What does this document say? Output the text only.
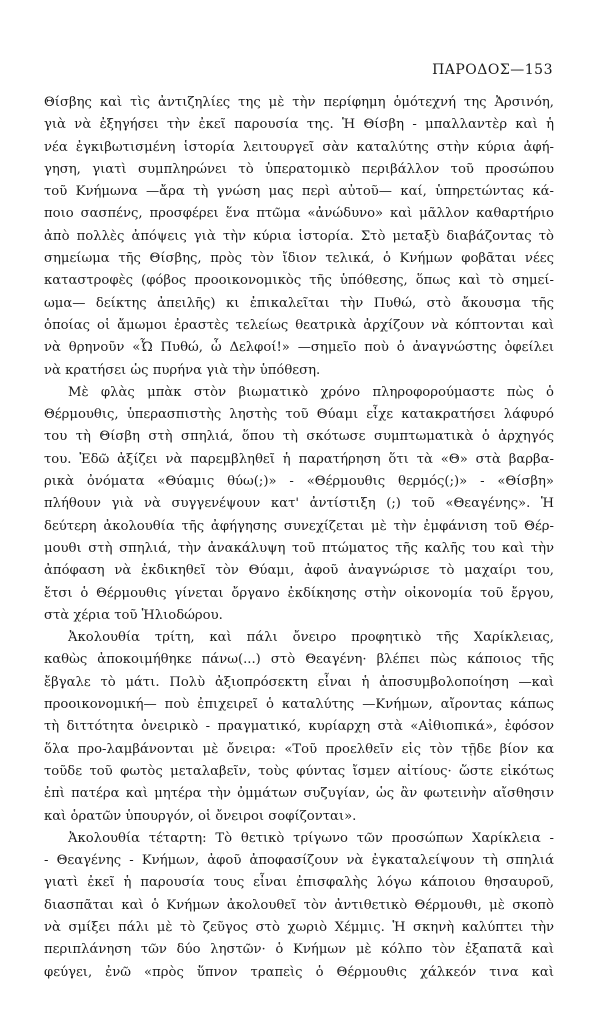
ΠΑΡΟΔΟΣ—153
Θίσβης καὶ τὶς ἀντιζηλίες της μὲ τὴν περίφημη ὁμότεχνή της Ἀρσινόη,
γιὰ νὰ ἐξηγήσει τὴν ἐκεῖ παρουσία της. Ἡ Θίσβη - μπαλλαντὲρ καὶ ἡ
νέα ἐγκιβωτισμένη ἱστορία λειτουργεῖ σὰν καταλύτης στὴν κύρια ἀφή-
γηση, γιατὶ συμπληρώνει τὸ ὑπερατομικὸ περιβάλλον τοῦ προσώπου
τοῦ Κνήμωνα —ἄρα τὴ γνώση μας περὶ αὐτοῦ— καί, ὑπηρετώντας κά-
ποιο σασπένς, προσφέρει ἕνα πτῶμα «ἀνώδυνο» καὶ μᾶλλον καθαρτήριο
ἀπὸ πολλὲς ἀπόψεις γιὰ τὴν κύρια ἱστορία. Στὸ μεταξὺ διαβάζοντας τὸ
σημείωμα τῆς Θίσβης, πρὸς τὸν ἴδιον τελικά, ὁ Κνήμων φοβᾶται νέες
καταστροφὲς (φόβος προοικονομικὸς τῆς ὑπόθεσης, ὅπως καὶ τὸ σημεί-
ωμα— δείκτης ἀπειλῆς) κι ἐπικαλεῖται τὴν Πυθώ, στὸ ἄκουσμα τῆς
ὁποίας οἱ ἄμωμοι ἐραστὲς τελείως θεατρικὰ ἀρχίζουν νὰ κόπτονται καὶ
νὰ θρηνοῦν «Ὦ Πυθώ, ὦ Δελφοί!» —σημεῖο ποὺ ὁ ἀναγνώστης ὀφείλει
νὰ κρατήσει ὡς πυρήνα γιὰ τὴν ὑπόθεση.
Μὲ φλὰς μπὰκ στὸν βιωματικὸ χρόνο πληροφορούμαστε πὼς ὁ
Θέρμουθις, ὑπερασπιστὴς ληστὴς τοῦ Θύαμι εἶχε κατακρατήσει λάφυρό
του τὴ Θίσβη στὴ σπηλιά, ὅπου τὴ σκότωσε συμπτωματικὰ ὁ ἀρχηγός
του. Ἐδῶ ἀξίζει νὰ παρεμβληθεῖ ἡ παρατήρηση ὅτι τὰ «Θ» στὰ βαρβα-
ρικὰ ὀνόματα «Θύαμις θύω(;)» - «Θέρμουθις θερμός(;)» - «Θίσβη»
πλήθουν γιὰ νὰ συγγενέψουν κατ' ἀντίστιξη (;) τοῦ «Θεαγένης». Ἡ
δεύτερη ἀκολουθία τῆς ἀφήγησης συνεχίζεται μὲ τὴν ἐμφάνιση τοῦ Θέρ-
μουθι στὴ σπηλιά, τὴν ἀνακάλυψη τοῦ πτώματος τῆς καλῆς του καὶ τὴν
ἀπόφαση νὰ ἐκδικηθεῖ τὸν Θύαμι, ἀφοῦ ἀναγνώρισε τὸ μαχαίρι του,
ἔτσι ὁ Θέρμουθις γίνεται ὄργανο ἐκδίκησης στὴν οἰκονομία τοῦ ἔργου,
στὰ χέρια τοῦ Ἡλιοδώρου.
Ἀκολουθία τρίτη, καὶ πάλι ὄνειρο προφητικὸ τῆς Χαρίκλειας,
καθὼς ἀποκοιμήθηκε πάνω(...) στὸ Θεαγένη· βλέπει πὼς κάποιος τῆς
ἔβγαλε τὸ μάτι. Πολὺ ἀξιοπρόσεκτη εἶναι ἡ ἀποσυμβολοποίηση —καὶ
προοικονομική— ποὺ ἐπιχειρεῖ ὁ καταλύτης —Κνήμων, αἴροντας κάπως
τὴ διττότητα ὀνειρικὸ - πραγματικό, κυρίαρχη στὰ «Αἰθιοπικά», ἐφόσον
ὅλα προ-λαμβάνονται μὲ ὄνειρα: «Τοῦ προελθεῖν εἰς τὸν τῇδε βίον κα
τοῦδε τοῦ φωτὸς μεταλαβεῖν, τοὺς φύντας ἴσμεν αἰτίους· ὥστε εἰκότως
ἐπὶ πατέρα καὶ μητέρα τὴν ὀμμάτων συζυγίαν, ὡς ἂν φωτεινὴν αἴσθησιν
καὶ ὁρατῶν ὑπουργόν, οἱ ὄνειροι σοφίζονται».
Ἀκολουθία τέταρτη: Τὸ θετικὸ τρίγωνο τῶν προσώπων Χαρίκλεια -
- Θεαγένης - Κνήμων, ἀφοῦ ἀποφασίζουν νὰ ἐγκαταλείψουν τὴ σπηλιά
γιατὶ ἐκεῖ ἡ παρουσία τους εἶναι ἐπισφαλὴς λόγω κάποιου θησαυροῦ,
διασπᾶται καὶ ὁ Κνήμων ἀκολουθεῖ τὸν ἀντιθετικὸ Θέρμουθι, μὲ σκοπὸ
νὰ σμίξει πάλι μὲ τὸ ζεῦγος στὸ χωριὸ Χέμμις. Ἡ σκηνὴ καλύπτει τὴν
περιπλάνηση τῶν δύο ληστῶν· ὁ Κνήμων μὲ κόλπο τὸν ἐξαπατᾶ καὶ
φεύγει, ἐνῶ «πρὸς ὕπνον τραπεὶς ὁ Θέρμουθις χάλκεόν τινα καὶ
